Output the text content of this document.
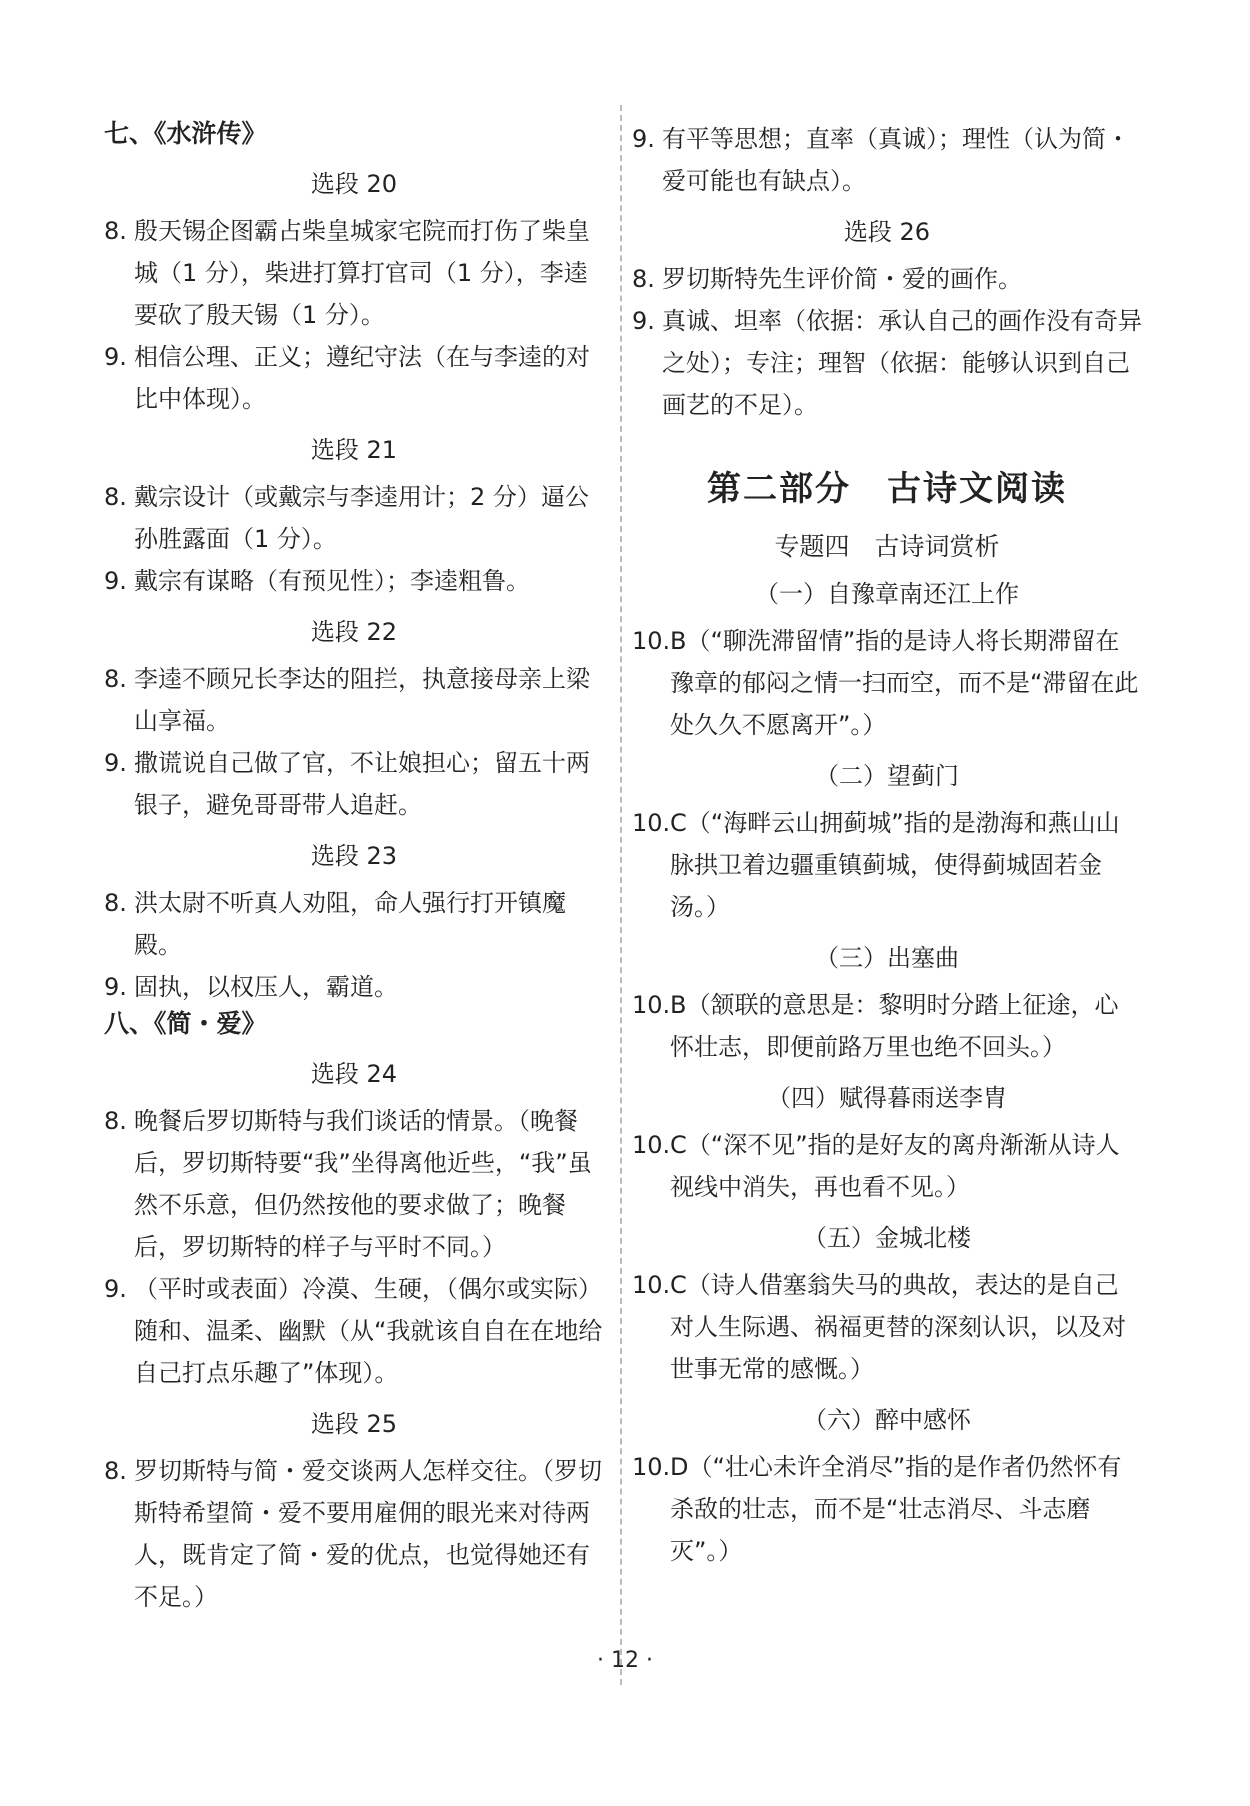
七、《水浒传》
选段 20
8. 殷天锡企图霸占柴皇城家宅院而打伤了柴皇城（1 分），柴进打算打官司（1 分），李逵要砍了殷天锡（1 分）。
9. 相信公理、正义；遵纪守法（在与李逵的对比中体现）。
选段 21
8. 戴宗设计（或戴宗与李逵用计；2 分）逼公孙胜露面（1 分）。
9. 戴宗有谋略（有预见性）；李逵粗鲁。
选段 22
8. 李逵不顾兄长李达的阻拦，执意接母亲上梁山享福。
9. 撒谎说自己做了官，不让娘担心；留五十两银子，避免哥哥带人追赶。
选段 23
8. 洪太尉不听真人劝阻，命人强行打开镇魔殿。
9. 固执，以权压人，霸道。
八、《简・爱》
选段 24
8. 晚餐后罗切斯特与我们谈话的情景。（晚餐后，罗切斯特要“我”坐得离他近些，“我”虽然不乐意，但仍然按他的要求做了；晚餐后，罗切斯特的样子与平时不同。）
9. （平时或表面）冷漠、生硬，（偶尔或实际）随和、温柔、幽默（从“我就该自自在在地给自己打点乐趣了”体现）。
选段 25
8. 罗切斯特与简・爱交谈两人怎样交往。（罗切斯特希望简・爱不要用雇佣的眼光来对待两人，既肯定了简・爱的优点，也觉得她还有不足。）
9. 有平等思想；直率（真诚）；理性（认为简・爱可能也有缺点）。
选段 26
8. 罗切斯特先生评价简・爱的画作。
9. 真诚、坦率（依据：承认自己的画作没有奇异之处）；专注；理智（依据：能够认识到自己画艺的不足）。
第二部分　古诗文阅读
专题四　古诗词赏析
（一）自豫章南还江上作
10. B（“聊洗滞留情”指的是诗人将长期滞留在豫章的郁闷之情一扫而空，而不是“滞留在此处久久不愿离开”。）
（二）望蓟门
10. C（“海畔云山拥蓟城”指的是渤海和燕山山脉拱卫着边疆重镇蓟城，使得蓟城固若金汤。）
（三）出塞曲
10. B（颔联的意思是：黎明时分踏上征途，心怀壮志，即便前路万里也绝不回头。）
（四）赋得暮雨送李胄
10. C（“深不见”指的是好友的离舟渐渐从诗人视线中消失，再也看不见。）
（五）金城北楼
10. C（诗人借塞翁失马的典故，表达的是自己对人生际遇、祸福更替的深刻认识，以及对世事无常的感慨。）
（六）醉中感怀
10. D（“壮心未许全消尽”指的是作者仍然怀有杀敌的壮志，而不是“壮志消尽、斗志磨灭”。）
· 12 ·
